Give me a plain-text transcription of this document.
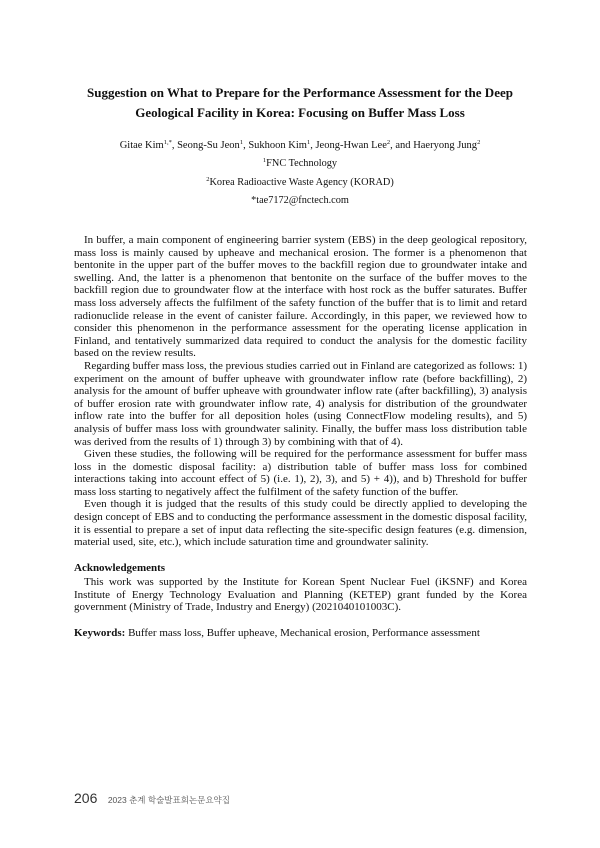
Suggestion on What to Prepare for the Performance Assessment for the Deep
Geological Facility in Korea: Focusing on Buffer Mass Loss
Gitae Kim$^{1,*}$, Seong-Su Jeon$^1$, Sukhoon Kim$^1$, Jeong-Hwan Lee$^2$, and Haeryong Jung$^2$
$^1$FNC Technology
$^2$Korea Radioactive Waste Agency (KORAD)
*tae7172@fnctech.com

In buffer, a main component of engineering barrier system (EBS) in the deep geological repository, mass loss is mainly caused by upheave and mechanical erosion. The former is a phenomenon that bentonite in the upper part of the buffer moves to the backfill region due to groundwater intake and swelling. And, the latter is a phenomenon that bentonite on the surface of the buffer moves to the backfill region due to groundwater flow at the interface with host rock as the buffer saturates. Buffer mass loss adversely affects the fulfilment of the safety function of the buffer that is to limit and retard radionuclide release in the event of canister failure. Accordingly, in this paper, we reviewed how to consider this phenomenon in the performance assessment for the operating license application in Finland, and tentatively summarized data required to conduct the analysis for the domestic facility based on the review results.

Regarding buffer mass loss, the previous studies carried out in Finland are categorized as follows: 1) experiment on the amount of buffer upheave with groundwater inflow rate (before backfilling), 2) analysis for the amount of buffer upheave with groundwater inflow rate (after backfilling), 3) analysis of buffer erosion rate with groundwater inflow rate, 4) analysis for distribution of the groundwater inflow rate into the buffer for all deposition holes (using ConnectFlow modeling results), and 5) analysis of buffer mass loss with groundwater salinity. Finally, the buffer mass loss distribution table was derived from the results of 1) through 3) by combining with that of 4).

Given these studies, the following will be required for the performance assessment for buffer mass loss in the domestic disposal facility: a) distribution table of buffer mass loss for combined interactions taking into account effect of 5) (i.e. 1), 2), 3), and 5) + 4)), and b) Threshold for buffer mass loss starting to negatively affect the fulfilment of the safety function of the buffer.

Even though it is judged that the results of this study could be directly applied to developing the design concept of EBS and to conducting the performance assessment in the domestic disposal facility, it is essential to prepare a set of input data reflecting the site-specific design features (e.g. dimension, material used, site, etc.), which include saturation time and groundwater salinity.

Acknowledgements
This work was supported by the Institute for Korean Spent Nuclear Fuel (iKSNF) and Korea Institute of Energy Technology Evaluation and Planning (KETEP) grant funded by the Korea government (Ministry of Trade, Industry and Energy) (2021040101003C).
Keywords: Buffer mass loss, Buffer upheave, Mechanical erosion, Performance assessment
206 2023 춘계 학술발표회논문요약집
